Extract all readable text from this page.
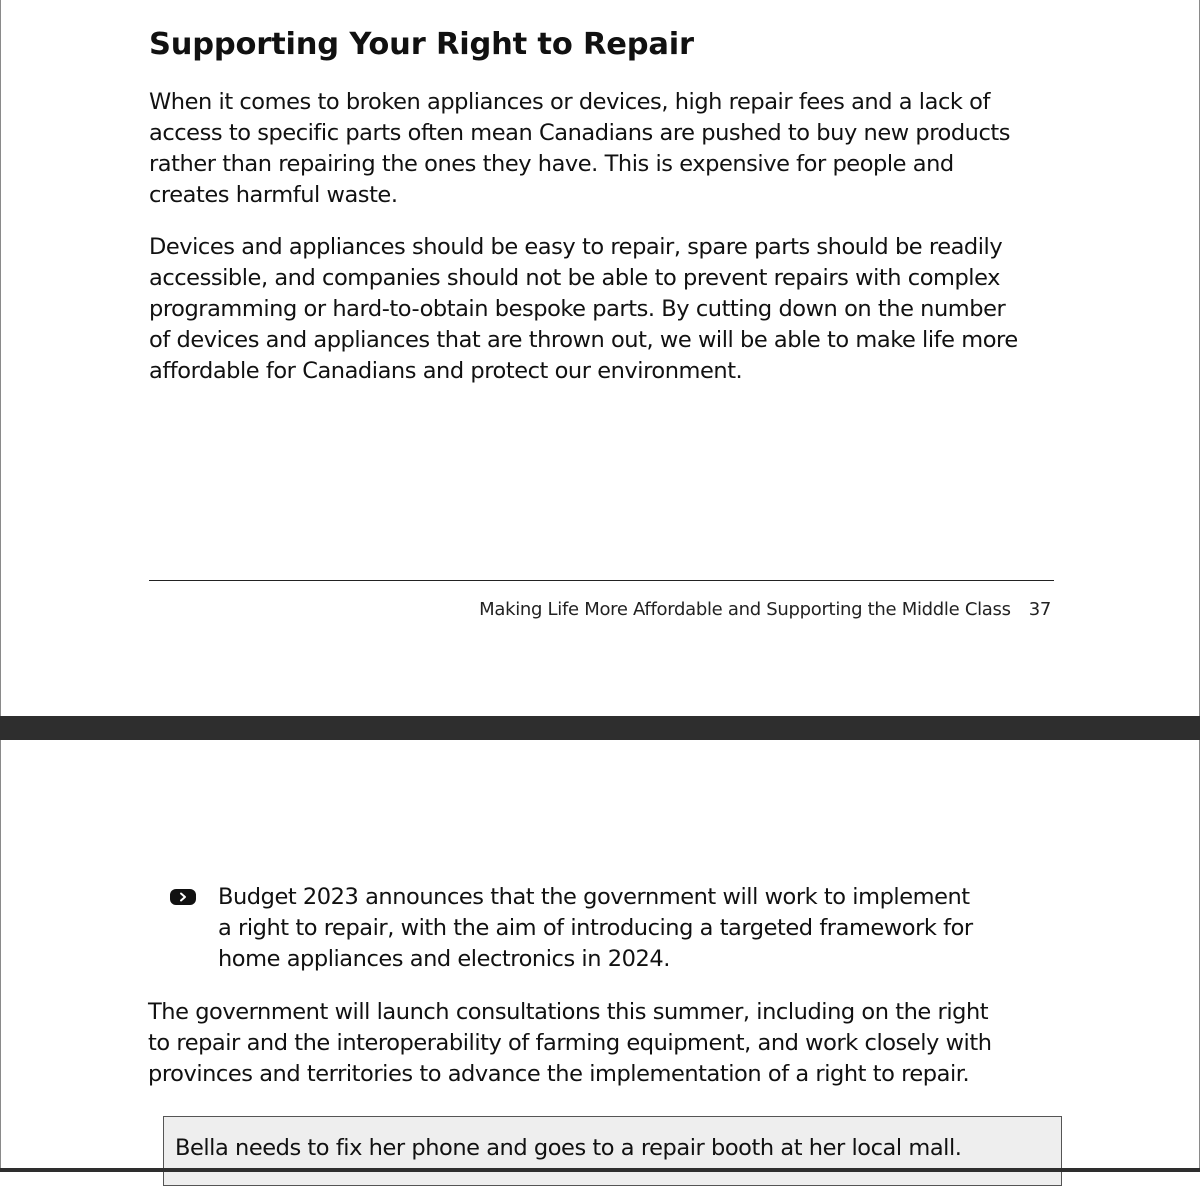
Supporting Your Right to Repair

When it comes to broken appliances or devices, high repair fees and a lack of
access to specific parts often mean Canadians are pushed to buy new products
rather than repairing the ones they have. This is expensive for people and
creates harmful waste.

Devices and appliances should be easy to repair, spare parts should be readily
accessible, and companies should not be able to prevent repairs with complex
programming or hard-to-obtain bespoke parts. By cutting down on the number
of devices and appliances that are thrown out, we will be able to make life more
affordable for Canadians and protect our environment.

Making Life More Affordable and Supporting the Middle Class 37

Budget 2023 announces that the government will work to implement
a right to repair, with the aim of introducing a targeted framework for
home appliances and electronics in 2024.

The government will launch consultations this summer, including on the right
to repair and the interoperability of farming equipment, and work closely with
provinces and territories to advance the implementation of a right to repair.

Bella needs to fix her phone and goes to a repair booth at her local mall.
